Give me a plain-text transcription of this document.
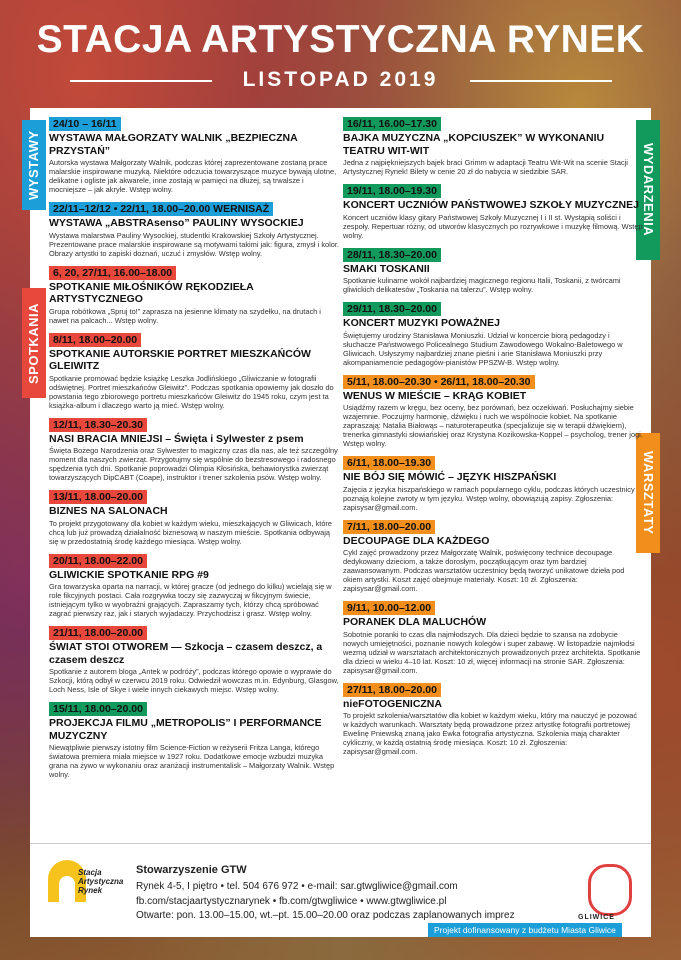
STACJA ARTYSTYCZNA RYNEK
LISTOPAD 2019
WYSTAWY
SPOTKANIA
WYDARZENIA
WARSZTATY
24/10 – 16/11
WYSTAWA MAŁGORZATY WALNIK „BEZPIECZNA PRZYSTAŃ”
Autorska wystawa Małgorzaty Walnik, podczas której zaprezentowane zostaną prace malarskie inspirowane muzyką. Niektóre odczucia towarzyszące muzyce bywają ulotne, delikatne i ogliste jak akwarele, inne zostają w pamięci na dłużej, są trwalsze i mocniejsze – jak akryle. Wstęp wolny.
22/11–12/12 • 22/11, 18.00–20.00 WERNISAŻ
WYSTAWA „ABSTRAsenso” PAULINY WYSOCKIEJ
Wystawa malarstwa Pauliny Wysockiej, studentki Krakowskiej Szkoły Artystycznej. Prezentowane prace malarskie inspirowane są motywami takimi jak: figura, zmysł i kolor. Obrazy artystki to zapiski doznań, uczuć i zmysłów. Wstęp wolny.
6, 20, 27/11, 16.00–18.00
SPOTKANIE MIŁOŚNIKÓW RĘKODZIEŁA ARTYSTYCZNEGO
Grupa robótkowa „Spruj to!” zaprasza na jesienne klimaty na szydełku, na drutach i nawet na palcach... Wstęp wolny.
8/11, 18.00–20.00
SPOTKANIE AUTORSKIE PORTRET MIESZKAŃCÓW GLEIWITZ
Spotkanie promować będzie książkę Leszka Jodlińskiego „Gliwiczanie w fotografii odświętnej. Portret mieszkańców Gleiwitz”. Podczas spotkania opowiemy jak doszło do powstania tego zbiorowego portretu mieszkańców Gleiwitz do 1945 roku, czym jest ta książka-album i dlaczego warto ją mieć. Wstęp wolny.
12/11, 18.30–20.30
NASI BRACIA MNIEJSI – Święta i Sylwester z psem
Święta Bożego Narodzenia oraz Sylwester to magiczny czas dla nas, ale też szczególny moment dla naszych zwierząt. Przygotujmy się wspólnie do bezstresowego i radosnego spędzenia tych dni. Spotkanie poprowadzi Olimpia Kłosińska, behawiorystka zwierząt towarzyszących DipCABT (Coape), instruktor i trener szkolenia psów. Wstęp wolny.
13/11, 18.00–20.00
BIZNES NA SALONACH
To projekt przygotowany dla kobiet w każdym wieku, mieszkających w Gliwicach, które chcą lub już prowadzą działalność biznesową w naszym mieście. Spotkania odbywają się w przedostatnią środę każdego miesiąca. Wstęp wolny.
20/11, 18.00–22.00
GLIWICKIE SPOTKANIE RPG #9
Gra towarzyska oparta na narracji, w której gracze (od jednego do kilku) wcielają się w role fikcyjnych postaci. Cała rozgrywka toczy się zazwyczaj w fikcyjnym świecie, istniejącym tylko w wyobraźni grających. Zapraszamy tych, którzy chcą spróbować zagrać pierwszy raz, jak i starych wyjadaczy. Przychodzisz i grasz. Wstęp wolny.
21/11, 18.00–20.00
ŚWIAT STOI OTWOREM — Szkocja – czasem deszcz, a czasem deszcz
Spotkanie z autorem bloga „Antek w podróży”, podczas którego opowie o wyprawie do Szkocji, którą odbył w czerwcu 2019 roku. Odwiedził wowczas m.in. Edynburg, Glasgow, Loch Ness, Isle of Skye i wiele innych ciekawych miejsc. Wstęp wolny.
15/11, 18.00–20.00
PROJEKCJA FILMU „METROPOLIS” I PERFORMANCE MUZYCZNY
Niewątpliwie pierwszy istotny film Science-Fiction w reżyserii Fritza Langa, którego światowa premiera miała miejsce w 1927 roku. Dodatkowe emocje wzbudzi muzyka grana na żywo w wykonaniu oraz aranżacji instrumentalisk – Małgorzaty Walnik. Wstęp wolny.
16/11, 16.00–17.30
BAJKA MUZYCZNA „KOPCIUSZEK” W WYKONANIU TEATRU WIT-WIT
Jedna z najpiękniejszych bajek braci Grimm w adaptacji Teatru Wit-Wit na scenie Stacji Artystycznej Rynek! Bilety w cenie 20 zł do nabycia w siedzibie SAR.
19/11, 18.00–19.30
KONCERT UCZNIÓW PAŃSTWOWEJ SZKOŁY MUZYCZNEJ
Koncert uczniów klasy gitary Państwowej Szkoły Muzycznej I i II st. Wystąpią soliści i zespoły. Repertuar różny, od utworów klasycznych po rozrywkowe i muzykę filmową. Wstęp wolny.
28/11, 18.30–20.00
SMAKI TOSKANII
Spotkanie kulinarne wokół najbardziej magicznego regionu Italii, Toskanii, z twórcami gliwickich delikatesów „Toskania na talerzu”. Wstęp wolny.
29/11, 18.30–20.00
KONCERT MUZYKI POWAŻNEJ
Świętujemy urodziny Stanisława Moniuszki. Udział w koncercie biorą pedagodzy i słuchacze Państwowego Policealnego Studium Zawodowego Wokalno-Baletowego w Gliwicach. Usłyszymy najbardziej znane pieśni i arie Stanisława Moniuszki przy akompaniamencie pedagogów-pianistów PPSZW-B. Wstęp wolny.
5/11, 18.00–20.30 • 26/11, 18.00–20.30
WENUS W MIEŚCIE – KRĄG KOBIET
Usiądźmy razem w kręgu, bez oceny, bez porównań, bez oczekiwań. Posłuchajmy siebie wzajemnie. Poczujmy harmonię, dźwięku i ruch we wspólnocie kobiet. Na spotkanie zapraszają: Natalia Białowąs – naturoterapeutka (specjalizuje się w terapii dźwiękiem), trenerka gimnastyki słowiańskiej oraz Krystyna Kozikowska-Koppel – psycholog, trener jogi. Wstęp wolny.
6/11, 18.00–19.30
NIE BÓJ SIĘ MÓWIĆ – JĘZYK HISZPAŃSKI
Zajęcia z języka hiszpańskiego w ramach popularnego cyklu, podczas których uczestnicy poznają kolejne zwroty w tym języku. Wstęp wolny, obowiązują zapisy. Zgłoszenia: zapisysar@gmail.com.
7/11, 18.00–20.00
DECOUPAGE DLA KAŻDEGO
Cykl zajęć prowadzony przez Małgorzatę Walnik, poświęcony technice decoupage dedykowany dzieciom, a także dorosłym, początkującym oraz tym bardziej zaawansowanym. Podczas warsztatów uczestnicy będą tworzyć unikatowe dzieła pod okiem artystki. Koszt zajęć obejmuje materiały. Koszt: 10 zł. Zgłoszenia: zapisysar@gmail.com.
9/11, 10.00–12.00
PORANEK DLA MALUCHÓW
Sobotnie poranki to czas dla najmłodszych. Dla dzieci będzie to szansa na zdobycie nowych umiejętności, poznanie nowych kolegów i super zabawę. W listopadzie najmłodsi wezmą udział w warsztatach architektonicznych prowadzonych przez architekta. Spotkanie dla dzieci w wieku 4–10 lat. Koszt: 10 zł, więcej informacji na stronie SAR. Zgłoszenia: zapisysar@gmail.com.
27/11, 18.00–20.00
nieFOTOGENICZNA
To projekt szkolenia/warsztatów dla kobiet w każdym wieku, który ma nauczyć je pozować w każdych warunkach. Warsztaty będą prowadzone przez artystkę fotografii portretowej Ewelinę Pniewską znaną jako Ewka fotografia artystyczna. Szkolenia mają charakter cykliczny, w każdą ostatnią środę miesiąca. Koszt: 10 zł. Zgłoszenia: zapisysar@gmail.com.
Stacja Artystyczna Rynek
Stowarzyszenie GTW
Rynek 4-5, I piętro • tel. 504 676 972 • e-mail: sar.gtwgliwice@gmail.com
fb.com/stacjaartystycznarynek • fb.com/gtwgliwice • www.gtwgliwice.pl
Otwarte: pon. 13.00–15.00, wt.–pt. 15.00–20.00 oraz podczas zaplanowanych imprez	GLIWICE
Projekt dofinansowany z budżetu Miasta Gliwice
